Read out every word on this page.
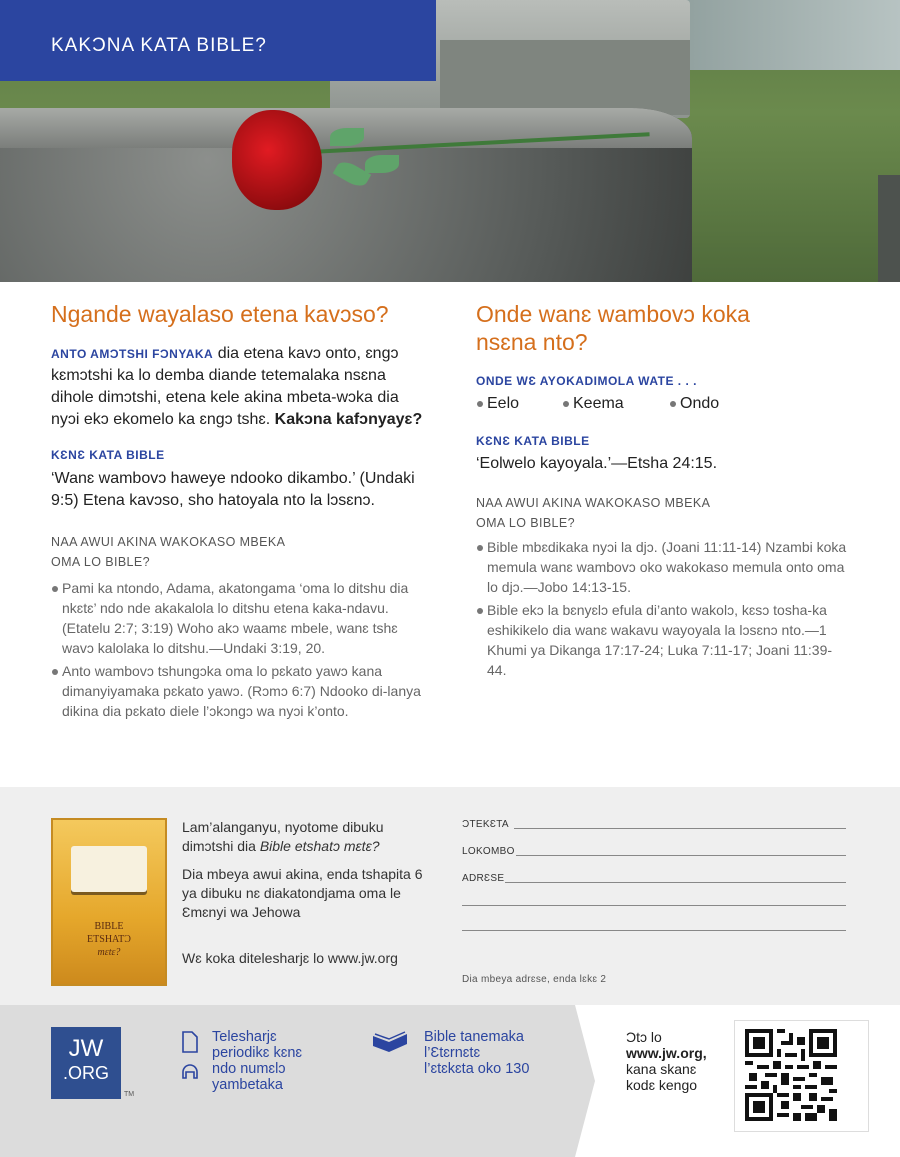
KAKƆNA KATA BIBLE?
Ngande wayalaso etena kavɔso?

ANTO AMƆTSHI FƆNYAKA dia etena kavɔ onto, ɛngɔ kɛmɔtshi ka lo demba diande tetemalaka nsɛna dihole dimɔtshi, etena kele akina mbeta-wɔka dia nyɔi ekɔ ekomelo ka ɛngɔ tshɛ. Kakɔna kafɔnyayɛ?

KƐNƐ KATA BIBLE

‘Wanɛ wambovɔ haweye ndooko dikambo.’ (Undaki 9:5) Etena kavɔso, sho hatoyala nto la lɔsɛnɔ.

NAA AWUI AKINA WAKOKASO MBEKA
OMA LO BIBLE?

Pami ka ntondo, Adama, akatongama ‘oma lo ditshu dia nkɛtɛ’ ndo nde akakalola lo ditshu etena kaka-ndavu. (Etatelu 2:7; 3:19) Woho akɔ waamɛ mbele, wanɛ tshɛ wavɔ kalolaka lo ditshu.—Undaki 3:19, 20.

Anto wambovɔ tshungɔka oma lo pɛkato yawɔ kana dimanyiyamaka pɛkato yawɔ. (Rɔmɔ 6:7) Ndooko di-lanya dikina dia pɛkato diele l’ɔkɔngɔ wa nyɔi k’onto.

Onde wanɛ wambovɔ koka
nsɛna nto?
ONDE WƐ AYOKADIMOLA WATE . . .
Eelo	Keema	Ondo
KƐNƐ KATA BIBLE

‘Eolwelo kayoyala.’—Etsha 24:15.

NAA AWUI AKINA WAKOKASO MBEKA
OMA LO BIBLE?

Bible mbɛdikaka nyɔi la djɔ. (Joani 11:11-14) Nzambi koka memula wanɛ wambovɔ oko wakokaso memula onto oma lo djɔ.—Jobo 14:13-15.

Bible ekɔ la bɛnyɛlɔ efula di’anto wakolɔ, kɛsɔ tosha-ka eshikikelo dia wanɛ wakavu wayoyala la lɔsɛnɔ nto.—1 Khumi ya Dikanga 17:17-24; Luka 7:11-17; Joani 11:39-44.

BIBLE
ETSHATƆ
mɛtɛ?

Lam’alanganyu, nyotome dibuku dimɔtshi dia Bible etshatɔ mɛtɛ?

Dia mbeya awui akina, enda tshapita 6 ya dibuku nɛ diakatondjama oma le Ɛmɛnyi wa Jehowa

Wɛ koka ditelesharjɛ lo www.jw.org

ƆTEKƐTA
LOKOMBO
ADRƐSE
Dia mbeya adrɛse, enda lɛkɛ 2
JW
.ORG
TM
Telesharjɛ
periodikɛ kɛnɛ
ndo numɛlɔ
yambetaka
Bible tanemaka
l’Ɛtɛrnɛtɛ
l’ɛtɛkɛta oko 130
Ɔtɔ lo
www.jw.org,
kana skanɛ
kodɛ kengo
